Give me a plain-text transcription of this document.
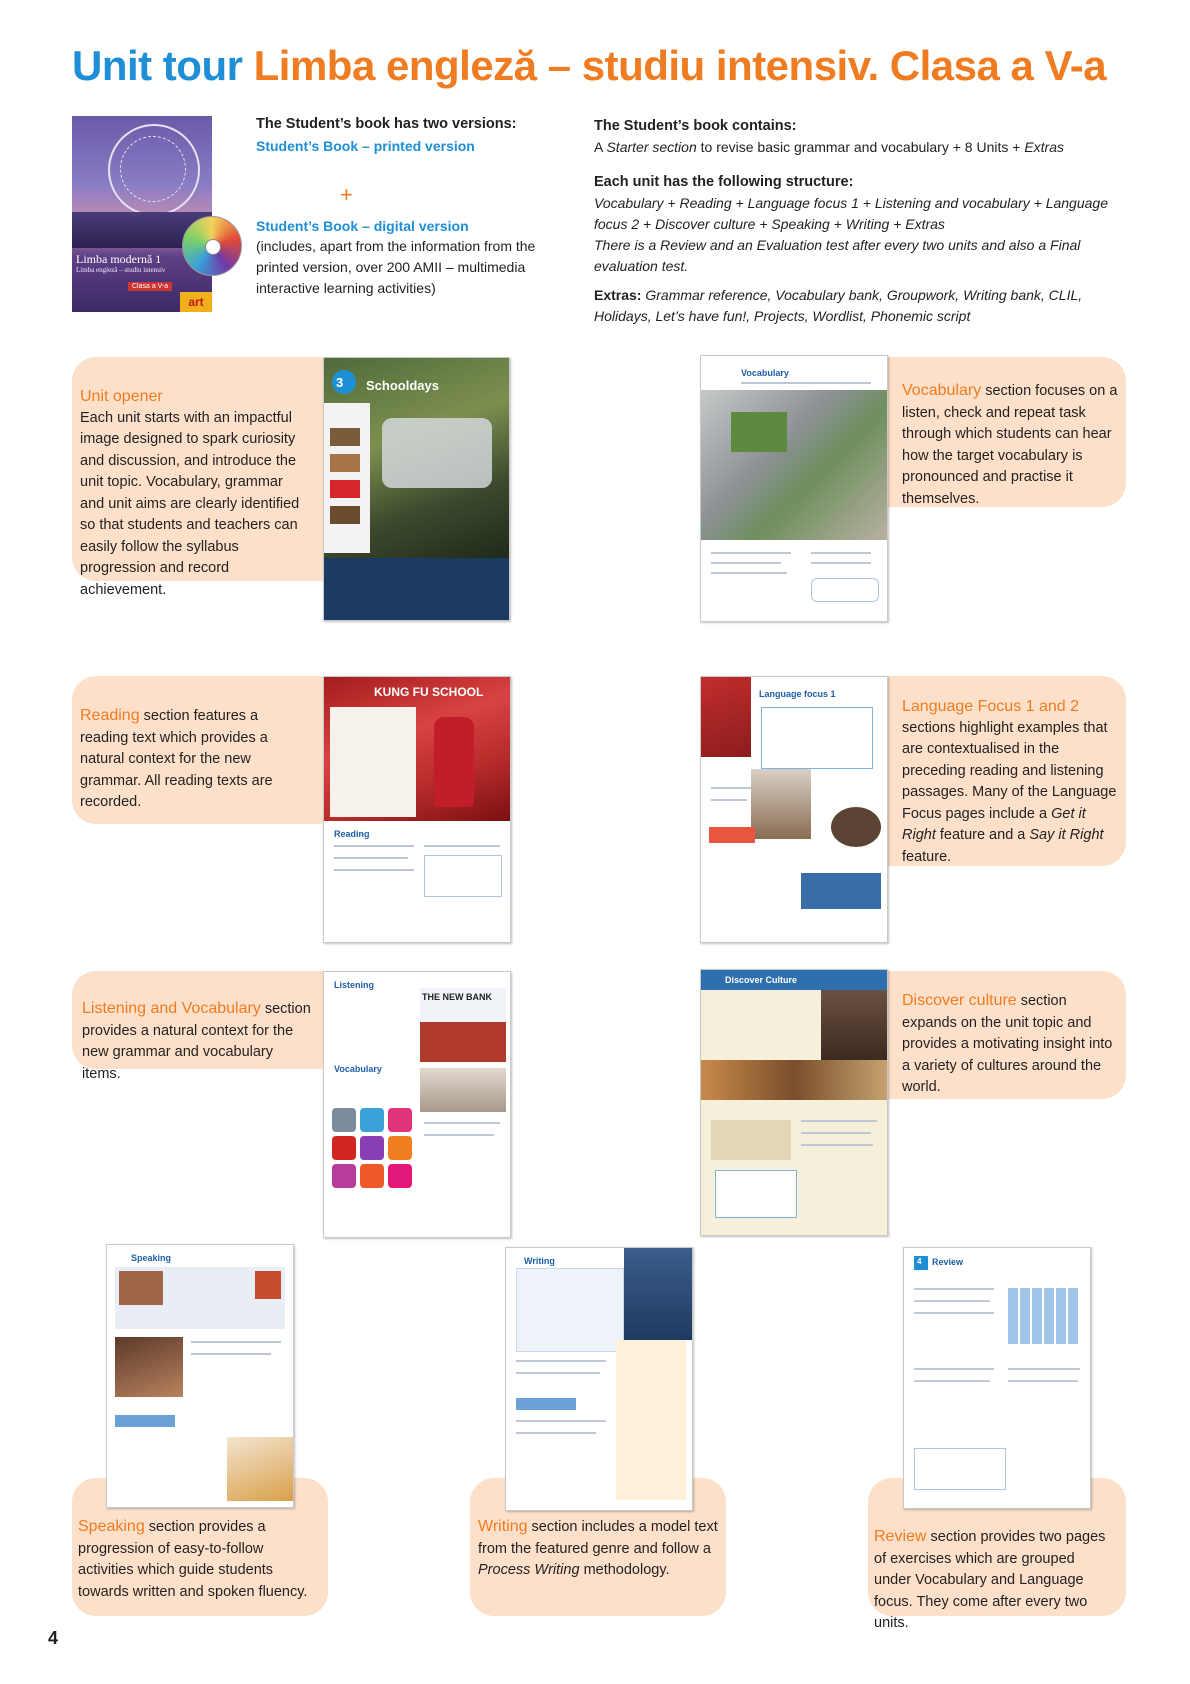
Unit tour Limba engleză – studiu intensiv. Clasa a V-a
Limba modernă 1
Limba engleză – studiu intensiv
Clasa a V-a
art
The Student’s book has two versions:
Student’s Book – printed version
+
Student’s Book – digital version
(includes, apart from the information from the printed version, over 200 AMII – multimedia interactive learning activities)
The Student’s book contains:
A Starter section to revise basic grammar and vocabulary + 8 Units + Extras
Each unit has the following structure:
Vocabulary + Reading + Language focus 1 + Listening and vocabulary + Language focus 2 + Discover culture + Speaking + Writing + Extras
There is a Review and an Evaluation test after every two units and also a Final evaluation test.
Extras: Grammar reference, Vocabulary bank, Groupwork, Writing bank, CLIL, Holidays, Let’s have fun!, Projects, Wordlist, Phonemic script
Unit opener
Each unit starts with an impactful image designed to spark curiosity and discussion, and introduce the unit topic. Vocabulary, grammar and unit aims are clearly identified so that students and teachers can easily follow the syllabus progression and record achievement.
3 Schooldays	Vocabulary section focuses on a listen, check and repeat task through which students can hear how the target vocabulary is pronounced and practise it themselves.
Vocabulary
Reading section features a reading text which provides a natural context for the new grammar. All reading texts are recorded.
KUNG FU SCHOOL
Reading
Language Focus 1 and 2
sections highlight examples that are contextualised in the preceding reading and listening passages. Many of the Language Focus pages include a Get it Right feature and a Say it Right feature.
Language focus 1
Listening and Vocabulary section provides a natural context for the new grammar and vocabulary items.
Listening
THE NEW BANK
Vocabulary
Discover culture section expands on the unit topic and provides a motivating insight into a variety of cultures around the world.
Discover Culture
Speaking section provides a progression of easy-to-follow activities which guide students towards written and spoken fluency.
Speaking
Writing section includes a model text from the featured genre and follow a Process Writing methodology.
Writing
Review section provides two pages of exercises which are grouped under Vocabulary and Language focus. They come after every two units.
4 Review
4
